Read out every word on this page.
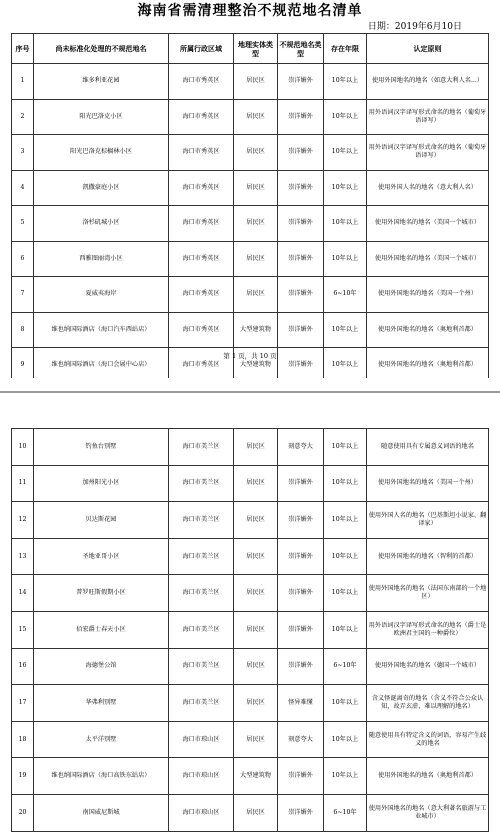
海南省需清理整治不规范地名清单
日期：2019年6月10日
序号	尚未标准化处理的不规范地名	所属行政区域	地理实体类型	不规范地名类型	存在年限	认定原则
1	维多利亚花园	海口市秀英区	居民区	崇洋媚外	10年以上	使用外国地名的地名（如意大利人名...）
2	阳光巴洛克小区	海口市秀英区	居民区	崇洋媚外	10年以上	用外语词汉字译写形式命名的地名（葡萄牙语译写）
3	阳光巴洛克棕榈林小区	海口市秀英区	居民区	崇洋媚外	10年以上	用外语词汉字译写形式命名的地名（葡萄牙语译写）
4	凯撒豪庭小区	海口市秀英区	居民区	崇洋媚外	10年以上	使用外国人名的地名（意大利人名）
5	洛杉矶城小区	海口市秀英区	居民区	崇洋媚外	10年以上	使用外国地名的地名（美国一个城市）
6	西雅图丽湾小区	海口市秀英区	居民区	崇洋媚外	10年以上	使用外国地名的地名（美国一个城市）
7	夏威夷海岸	海口市秀英区	居民区	崇洋媚外	6~10年	使用外国地名的地名（美国一个州）
8	维也纳国际酒店（海口汽车西站店）	海口市秀英区	大型建筑物	崇洋媚外	10年以上	使用外国地名的地名（奥地利首都）
9	维也纳国际酒店（海口会展中心店）	海口市秀英区	大型建筑物	崇洋媚外	10年以上	使用外国地名的地名（奥地利首都）
第 1 页，共 10 页
10	钓鱼台别墅	海口市美兰区	居民区	刻意夸大	10年以上	随意使用具有专属意义词语的地名
11	加州阳光小区	海口市美兰区	居民区	崇洋媚外	10年以上	使用外国地名的地名（美国一个州）
12	贝达斯花园	海口市美兰区	居民区	崇洋媚外	10年以上	使用外国人名的地名（巴基斯坦小说家、翻译家）
13	圣地亚哥小区	海口市美兰区	居民区	崇洋媚外	10年以上	使用外国地名的地名（智利的首都）
14	普罗旺斯假期小区	海口市美兰区	居民区	崇洋媚外	10年以上	使用外国地名的地名（法国东南部的一个地区）
15	佰宏爵士春天小区	海口市美兰区	居民区	崇洋媚外	10年以上	用外语词汉字译写形式命名的地名（爵士是欧洲君主国的一种爵位）
16	海德堡公馆	海口市美兰区	居民区	崇洋媚外	6~10年	使用外国地名的地名（德国一个城市）
17	华弗利别墅	海口市美兰区	居民区	怪异难懂	10年以上	含义怪诞离奇的地名（含义不符合公众认知，故弄玄虚，难以理解的地名）
18	太平洋别墅	海口市琼山区	居民区	刻意夸大	10年以上	随意使用具有特定含义的词语，容易产生歧义的地名
19	维也纳国际酒店（海口高铁东站店）	海口市琼山区	大型建筑物	崇洋媚外	10年以上	使用外国地名的地名（奥地利首都）
20	南国威尼斯城	海口市琼山区	居民区	崇洋媚外	6~10年	使用外国地名的地名（意大利著名旅游与工业城市）
